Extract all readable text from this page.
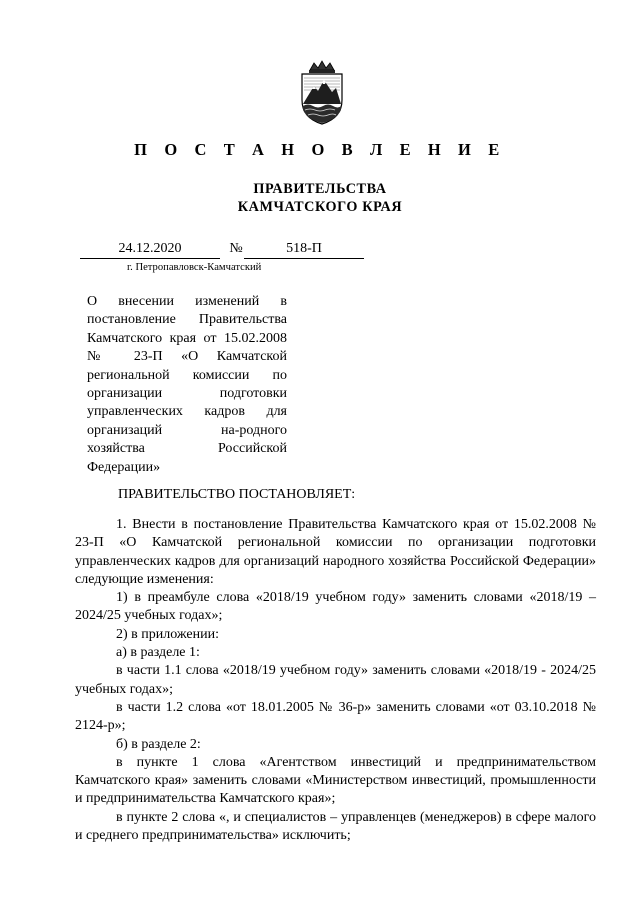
П О С Т А Н О В Л Е Н И Е
ПРАВИТЕЛЬСТВА
КАМЧАТСКОГО КРАЯ
24.12.2020	№	518-П
г. Петропавловск-Камчатский
О внесении изменений в постановление Правительства Камчатского края от 15.02.2008 № 23-П «О Камчатской региональной комиссии по организации подготовки управленческих кадров для организаций на-родного хозяйства Российской Федерации»
ПРАВИТЕЛЬСТВО ПОСТАНОВЛЯЕТ:

1. Внести в постановление Правительства Камчатского края от 15.02.2008 № 23-П «О Камчатской региональной комиссии по организации подготовки управленческих кадров для организаций народного хозяйства Российской Федерации» следующие изменения:

1) в преамбуле слова «2018/19 учебном году» заменить словами «2018/19 – 2024/25 учебных годах»;

2) в приложении:

а) в разделе 1:

в части 1.1 слова «2018/19 учебном году» заменить словами «2018/19 - 2024/25 учебных годах»;

в части 1.2 слова «от 18.01.2005 № 36-р» заменить словами «от 03.10.2018 № 2124-р»;

б) в разделе 2:

в пункте 1 слова «Агентством инвестиций и предпринимательством Камчатского края» заменить словами «Министерством инвестиций, промышленности и предпринимательства Камчатского края»;

в пункте 2 слова «, и специалистов – управленцев (менеджеров) в сфере малого и среднего предпринимательства» исключить;
